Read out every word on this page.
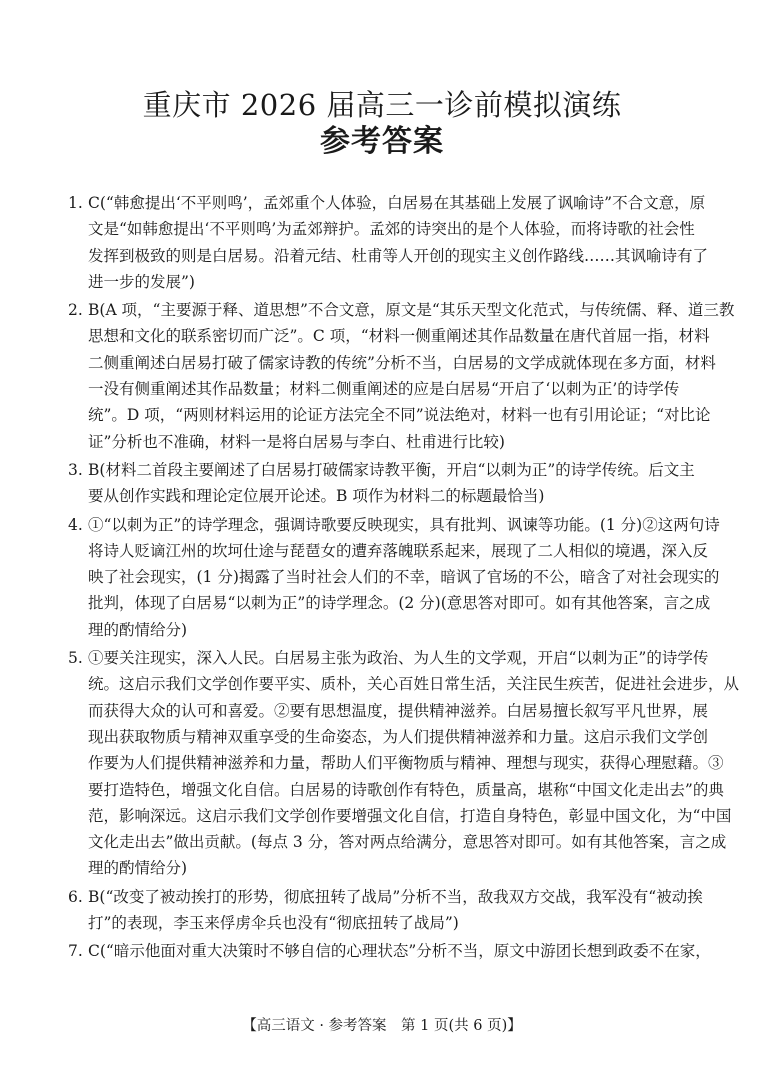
重庆市 2026 届高三一诊前模拟演练
参考答案
1. C(“韩愈提出‘不平则鸣’，孟郊重个人体验，白居易在其基础上发展了讽喻诗”不合文意，原
文是“如韩愈提出‘不平则鸣’为孟郊辩护。孟郊的诗突出的是个人体验，而将诗歌的社会性
发挥到极致的则是白居易。沿着元结、杜甫等人开创的现实主义创作路线……其讽喻诗有了
进一步的发展”)
2. B(A 项，“主要源于释、道思想”不合文意，原文是“其乐天型文化范式，与传统儒、释、道三教
思想和文化的联系密切而广泛”。C 项，“材料一侧重阐述其作品数量在唐代首屈一指，材料
二侧重阐述白居易打破了儒家诗教的传统”分析不当，白居易的文学成就体现在多方面，材料
一没有侧重阐述其作品数量；材料二侧重阐述的应是白居易“开启了‘以刺为正’的诗学传
统”。D 项，“两则材料运用的论证方法完全不同”说法绝对，材料一也有引用论证；“对比论
证”分析也不准确，材料一是将白居易与李白、杜甫进行比较)
3. B(材料二首段主要阐述了白居易打破儒家诗教平衡，开启“以刺为正”的诗学传统。后文主
要从创作实践和理论定位展开论述。B 项作为材料二的标题最恰当)
4. ①“以刺为正”的诗学理念，强调诗歌要反映现实，具有批判、讽谏等功能。(1 分)②这两句诗
将诗人贬谪江州的坎坷仕途与琵琶女的遭弃落魄联系起来，展现了二人相似的境遇，深入反
映了社会现实，(1 分)揭露了当时社会人们的不幸，暗讽了官场的不公，暗含了对社会现实的
批判，体现了白居易“以刺为正”的诗学理念。(2 分)(意思答对即可。如有其他答案，言之成
理的酌情给分)
5. ①要关注现实，深入人民。白居易主张为政治、为人生的文学观，开启“以刺为正”的诗学传
统。这启示我们文学创作要平实、质朴，关心百姓日常生活，关注民生疾苦，促进社会进步，从
而获得大众的认可和喜爱。②要有思想温度，提供精神滋养。白居易擅长叙写平凡世界，展
现出获取物质与精神双重享受的生命姿态，为人们提供精神滋养和力量。这启示我们文学创
作要为人们提供精神滋养和力量，帮助人们平衡物质与精神、理想与现实，获得心理慰藉。③
要打造特色，增强文化自信。白居易的诗歌创作有特色，质量高，堪称“中国文化走出去”的典
范，影响深远。这启示我们文学创作要增强文化自信，打造自身特色，彰显中国文化，为“中国
文化走出去”做出贡献。(每点 3 分，答对两点给满分，意思答对即可。如有其他答案，言之成
理的酌情给分)
6. B(“改变了被动挨打的形势，彻底扭转了战局”分析不当，敌我双方交战，我军没有“被动挨
打”的表现，李玉来俘虏伞兵也没有“彻底扭转了战局”)
7. C(“暗示他面对重大决策时不够自信的心理状态”分析不当，原文中游团长想到政委不在家，
【高三语文 · 参考答案　第 1 页(共 6 页)】
